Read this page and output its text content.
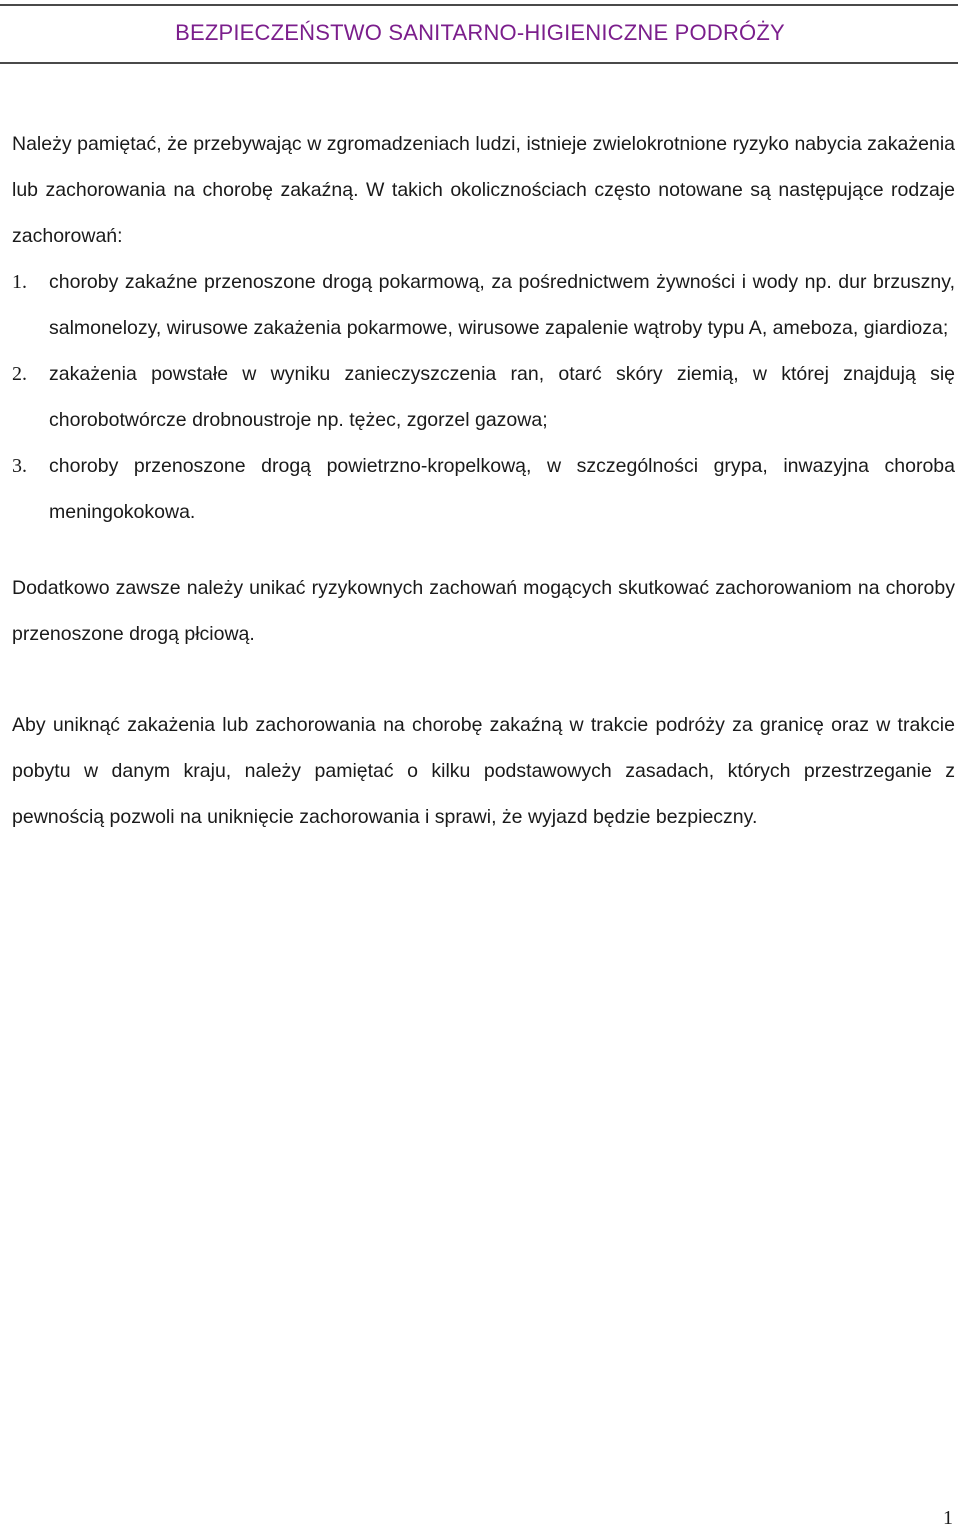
BEZPIECZEŃSTWO SANITARNO-HIGIENICZNE PODRÓŻY

Należy pamiętać, że przebywając w zgromadzeniach ludzi, istnieje zwielokrotnione ryzyko nabycia zakażenia lub zachorowania na chorobę zakaźną. W takich okolicznościach często notowane są następujące rodzaje zachorowań:

1. choroby zakaźne przenoszone drogą pokarmową, za pośrednictwem żywności i wody np. dur brzuszny, salmonelozy, wirusowe zakażenia pokarmowe, wirusowe zapalenie wątroby typu A, ameboza, giardioza;
2. zakażenia powstałe w wyniku zanieczyszczenia ran, otarć skóry ziemią, w której znajdują się chorobotwórcze drobnoustroje np. tężec, zgorzel gazowa;
3. choroby przenoszone drogą powietrzno-kropelkową, w szczególności grypa, inwazyjna choroba meningokokowa.

Dodatkowo zawsze należy unikać ryzykownych zachowań mogących skutkować zachorowaniom na choroby przenoszone drogą płciową.

Aby uniknąć zakażenia lub zachorowania na chorobę zakaźną w trakcie podróży za granicę oraz w trakcie pobytu w danym kraju, należy pamiętać o kilku podstawowych zasadach, których przestrzeganie z pewnością pozwoli na uniknięcie zachorowania i sprawi, że wyjazd będzie bezpieczny.

1
